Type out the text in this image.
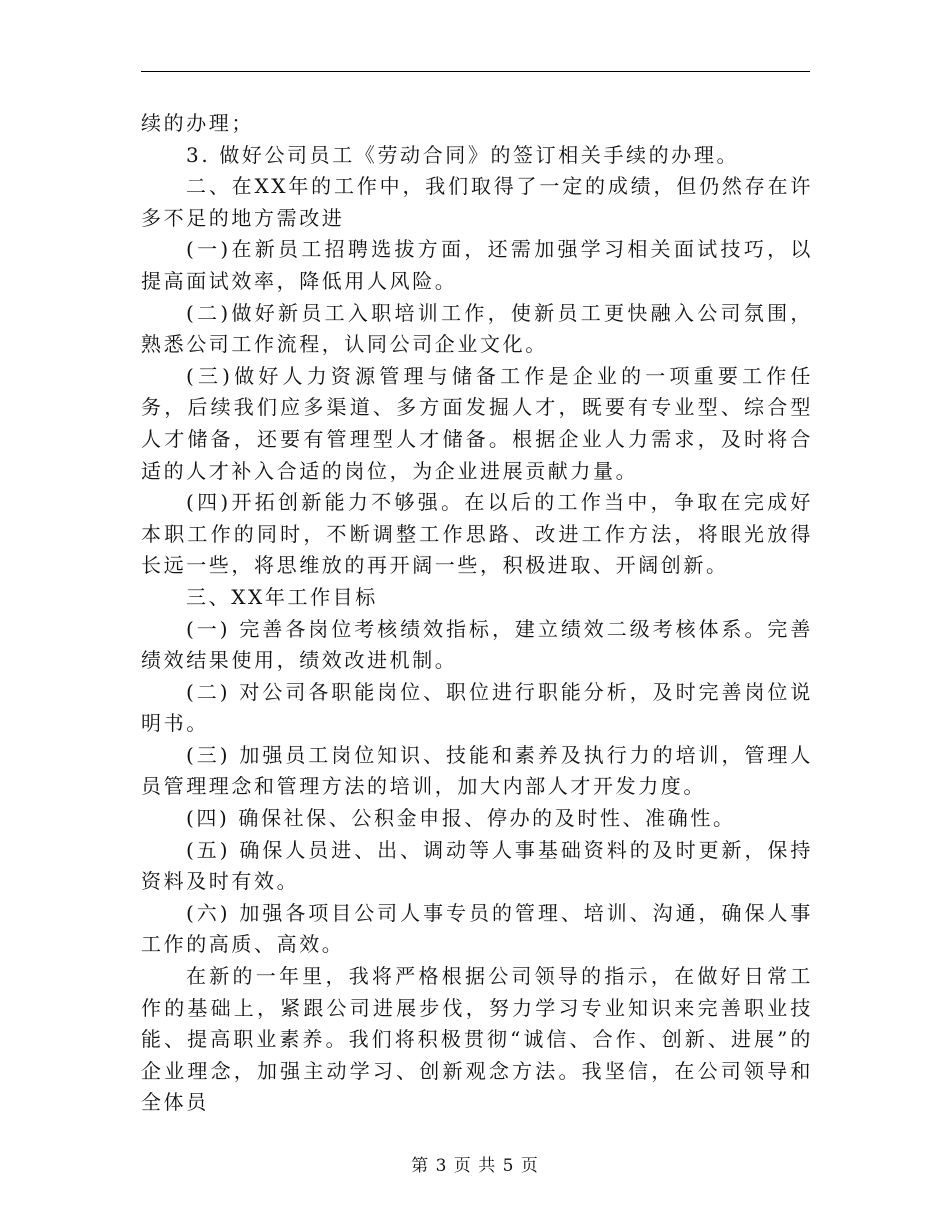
续的办理；

3. 做好公司员工《劳动合同》的签订相关手续的办理。

二、在XX年的工作中，我们取得了一定的成绩，但仍然存在许多不足的地方需改进

(一)在新员工招聘选拔方面，还需加强学习相关面试技巧，以提高面试效率，降低用人风险。

(二)做好新员工入职培训工作，使新员工更快融入公司氛围，熟悉公司工作流程，认同公司企业文化。

(三)做好人力资源管理与储备工作是企业的一项重要工作任务，后续我们应多渠道、多方面发掘人才，既要有专业型、综合型人才储备，还要有管理型人才储备。根据企业人力需求，及时将合适的人才补入合适的岗位，为企业进展贡献力量。

(四)开拓创新能力不够强。在以后的工作当中，争取在完成好本职工作的同时，不断调整工作思路、改进工作方法，将眼光放得长远一些，将思维放的再开阔一些，积极进取、开阔创新。

三、XX年工作目标

(一) 完善各岗位考核绩效指标，建立绩效二级考核体系。完善绩效结果使用，绩效改进机制。

(二) 对公司各职能岗位、职位进行职能分析，及时完善岗位说明书。

(三) 加强员工岗位知识、技能和素养及执行力的培训，管理人员管理理念和管理方法的培训，加大内部人才开发力度。

(四) 确保社保、公积金申报、停办的及时性、准确性。

(五) 确保人员进、出、调动等人事基础资料的及时更新，保持资料及时有效。

(六) 加强各项目公司人事专员的管理、培训、沟通，确保人事工作的高质、高效。

在新的一年里，我将严格根据公司领导的指示，在做好日常工作的基础上，紧跟公司进展步伐，努力学习专业知识来完善职业技能、提高职业素养。我们将积极贯彻“诚信、合作、创新、进展”的企业理念，加强主动学习、创新观念方法。我坚信，在公司领导和全体员

第 3 页 共 5 页
